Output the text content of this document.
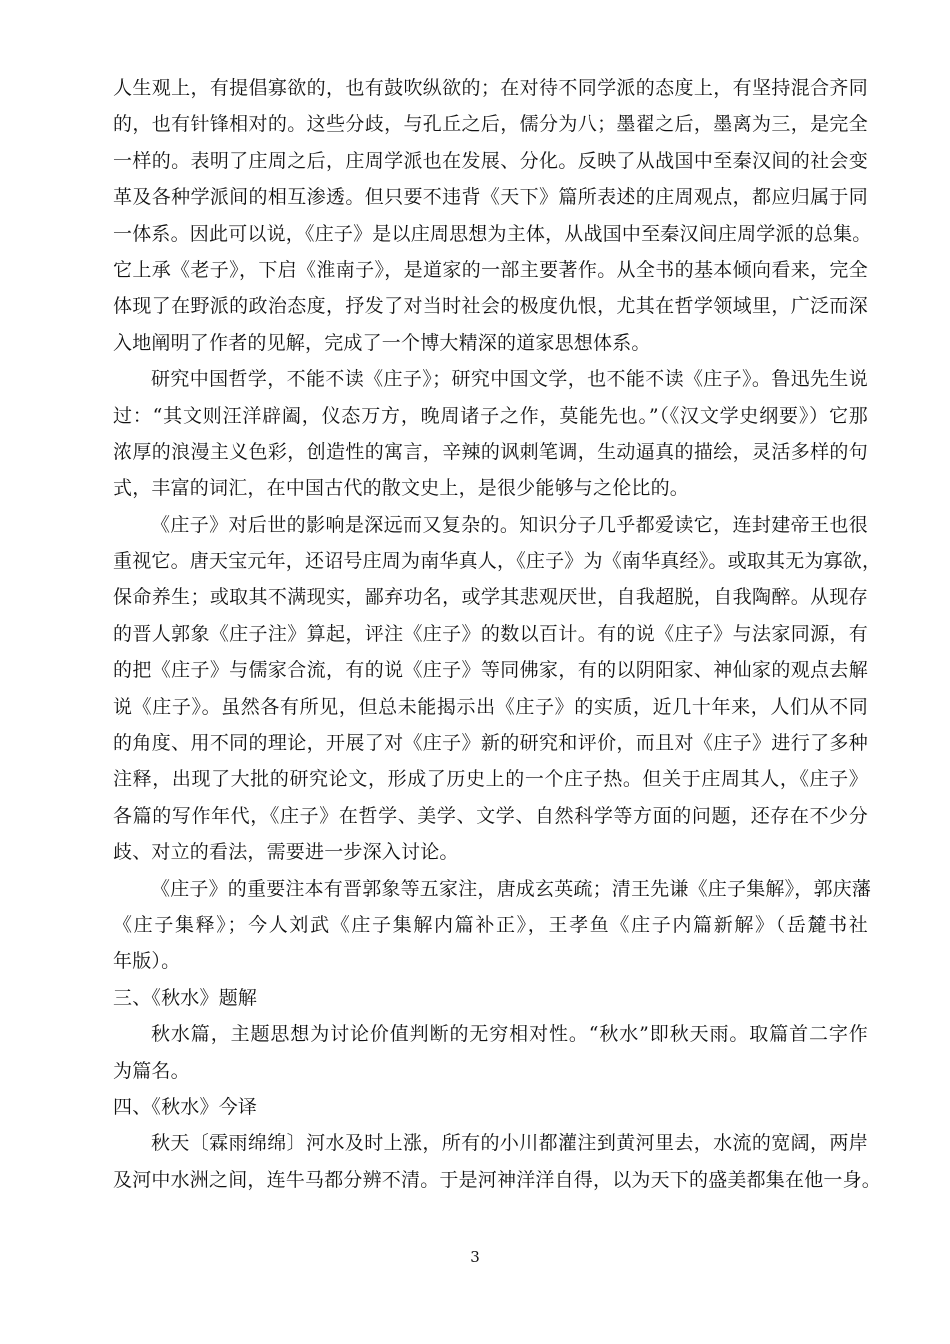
人生观上，有提倡寡欲的，也有鼓吹纵欲的；在对待不同学派的态度上，有坚持混合齐同
的，也有针锋相对的。这些分歧，与孔丘之后，儒分为八；墨翟之后，墨离为三，是完全
一样的。表明了庄周之后，庄周学派也在发展、分化。反映了从战国中至秦汉间的社会变
革及各种学派间的相互渗透。但只要不违背《天下》篇所表述的庄周观点，都应归属于同
一体系。因此可以说，《庄子》是以庄周思想为主体，从战国中至秦汉间庄周学派的总集。
它上承《老子》，下启《淮南子》，是道家的一部主要著作。从全书的基本倾向看来，完全
体现了在野派的政治态度，抒发了对当时社会的极度仇恨，尤其在哲学领域里，广泛而深
入地阐明了作者的见解，完成了一个博大精深的道家思想体系。
研究中国哲学，不能不读《庄子》；研究中国文学，也不能不读《庄子》。鲁迅先生说
过：“其文则汪洋辟阖，仪态万方，晚周诸子之作，莫能先也。”（《汉文学史纲要》）它那
浓厚的浪漫主义色彩，创造性的寓言，辛辣的讽刺笔调，生动逼真的描绘，灵活多样的句
式，丰富的词汇，在中国古代的散文史上，是很少能够与之伦比的。
《庄子》对后世的影响是深远而又复杂的。知识分子几乎都爱读它，连封建帝王也很
重视它。唐天宝元年，还诏号庄周为南华真人，《庄子》为《南华真经》。或取其无为寡欲，
保命养生；或取其不满现实，鄙弃功名，或学其悲观厌世，自我超脱，自我陶醉。从现存
的晋人郭象《庄子注》算起，评注《庄子》的数以百计。有的说《庄子》与法家同源，有
的把《庄子》与儒家合流，有的说《庄子》等同佛家，有的以阴阳家、神仙家的观点去解
说《庄子》。虽然各有所见，但总未能揭示出《庄子》的实质，近几十年来，人们从不同
的角度、用不同的理论，开展了对《庄子》新的研究和评价，而且对《庄子》进行了多种
注释，出现了大批的研究论文，形成了历史上的一个庄子热。但关于庄周其人，《庄子》
各篇的写作年代，《庄子》在哲学、美学、文学、自然科学等方面的问题，还存在不少分
歧、对立的看法，需要进一步深入讨论。
《庄子》的重要注本有晋郭象等五家注，唐成玄英疏；清王先谦《庄子集解》，郭庆藩
《庄子集释》；今人刘武《庄子集解内篇补正》，王孝鱼《庄子内篇新解》（岳麓书社
年版）。
三、《秋水》题解
秋水篇，主题思想为讨论价值判断的无穷相对性。“秋水”即秋天雨。取篇首二字作
为篇名。
四、《秋水》今译
秋天〔霖雨绵绵〕河水及时上涨，所有的小川都灌注到黄河里去，水流的宽阔，两岸
及河中水洲之间，连牛马都分辨不清。于是河神洋洋自得，以为天下的盛美都集在他一身。
3
